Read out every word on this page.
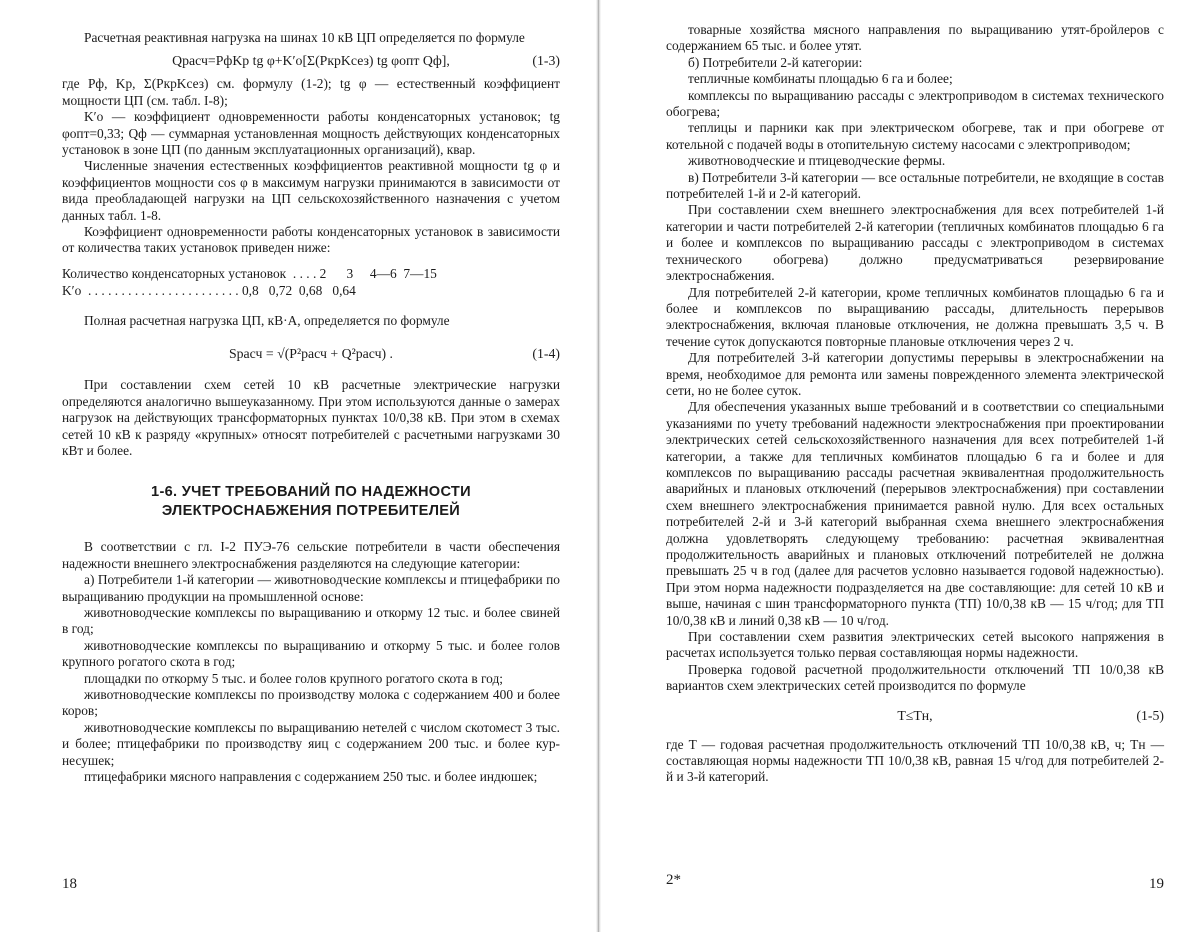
Расчетная реактивная нагрузка на шинах 10 кВ ЦП определяется по формуле

Qрасч=PфKр tg φ+K′о[Σ(PкрKсез) tg φопт Qф],	(1-3)

где Pф, Kр, Σ(PкрKсез) см. формулу (1-2); tg φ — естественный коэффициент мощности ЦП (см. табл. I-8);

K′о — коэффициент одновременности работы конденсаторных установок; tg φопт=0,33; Qф — суммарная установленная мощность действующих конденсаторных установок в зоне ЦП (по данным эксплуатационных организаций), квар.

Численные значения естественных коэффициентов реактивной мощности tg φ и коэффициентов мощности cos φ в максимум нагрузки принимаются в зависимости от вида преобладающей нагрузки на ЦП сельскохозяйственного назначения с учетом данных табл. 1-8.

Коэффициент одновременности работы конденсаторных установок в зависимости от количества таких установок приведен ниже:

Количество конденсаторных установок  . . . . 2      3     4—6  7—15
K′о  . . . . . . . . . . . . . . . . . . . . . . . 0,8   0,72  0,68   0,64

Полная расчетная нагрузка ЦП, кВ·А, определяется по формуле

Sрасч = √(P²расч + Q²расч) .	(1-4)

При составлении схем сетей 10 кВ расчетные электрические нагрузки определяются аналогично вышеуказанному. При этом используются данные о замерах нагрузок на действующих трансформаторных пунктах 10/0,38 кВ. При этом в схемах сетей 10 кВ к разряду «крупных» относят потребителей с расчетными нагрузками 30 кВт и более.

1-6. УЧЕТ ТРЕБОВАНИЙ ПО НАДЕЖНОСТИ
ЭЛЕКТРОСНАБЖЕНИЯ ПОТРЕБИТЕЛЕЙ

В соответствии с гл. I-2 ПУЭ-76 сельские потребители в части обеспечения надежности внешнего электроснабжения разделяются на следующие категории:

а) Потребители 1-й категории — животноводческие комплексы и птицефабрики по выращиванию продукции на промышленной основе:

животноводческие комплексы по выращиванию и откорму 12 тыс. и более свиней в год;

животноводческие комплексы по выращиванию и откорму 5 тыс. и более голов крупного рогатого скота в год;

площадки по откорму 5 тыс. и более голов крупного рогатого скота в год;

животноводческие комплексы по производству молока с содержанием 400 и более коров;

животноводческие комплексы по выращиванию нетелей с числом скотомест 3 тыс. и более; птицефабрики по производству яиц с содержанием 200 тыс. и более кур-несушек;

птицефабрики мясного направления с содержанием 250 тыс. и более индюшек;

18

товарные хозяйства мясного направления по выращиванию утят-бройлеров с содержанием 65 тыс. и более утят.

б) Потребители 2-й категории:

тепличные комбинаты площадью 6 га и более;

комплексы по выращиванию рассады с электроприводом в системах технического обогрева;

теплицы и парники как при электрическом обогреве, так и при обогреве от котельной с подачей воды в отопительную систему насосами с электроприводом;

животноводческие и птицеводческие фермы.

в) Потребители 3-й категории — все остальные потребители, не входящие в состав потребителей 1-й и 2-й категорий.

При составлении схем внешнего электроснабжения для всех потребителей 1-й категории и части потребителей 2-й категории (тепличных комбинатов площадью 6 га и более и комплексов по выращиванию рассады с электроприводом в системах технического обогрева) должно предусматриваться резервирование электроснабжения.

Для потребителей 2-й категории, кроме тепличных комбинатов площадью 6 га и более и комплексов по выращиванию рассады, длительность перерывов электроснабжения, включая плановые отключения, не должна превышать 3,5 ч. В течение суток допускаются повторные плановые отключения через 2 ч.

Для потребителей 3-й категории допустимы перерывы в электроснабжении на время, необходимое для ремонта или замены поврежденного элемента электрической сети, но не более суток.

Для обеспечения указанных выше требований и в соответствии со специальными указаниями по учету требований надежности электроснабжения при проектировании электрических сетей сельскохозяйственного назначения для всех потребителей 1-й категории, а также для тепличных комбинатов площадью 6 га и более и для комплексов по выращиванию рассады расчетная эквивалентная продолжительность аварийных и плановых отключений (перерывов электроснабжения) при составлении схем внешнего электроснабжения принимается равной нулю. Для всех остальных потребителей 2-й и 3-й категорий выбранная схема внешнего электроснабжения должна удовлетворять следующему требованию: расчетная эквивалентная продолжительность аварийных и плановых отключений потребителей не должна превышать 25 ч в год (далее для расчетов условно называется годовой надежностью). При этом норма надежности подразделяется на две составляющие: для сетей 10 кВ и выше, начиная с шин трансформаторного пункта (ТП) 10/0,38 кВ — 15 ч/год; для ТП 10/0,38 кВ и линий 0,38 кВ — 10 ч/год.

При составлении схем развития электрических сетей высокого напряжения в расчетах используется только первая составляющая нормы надежности.

Проверка годовой расчетной продолжительности отключений ТП 10/0,38 кВ вариантов схем электрических сетей производится по формуле

T≤Tн,	(1-5)

где T — годовая расчетная продолжительность отключений ТП 10/0,38 кВ, ч; Tн — составляющая нормы надежности ТП 10/0,38 кВ, равная 15 ч/год для потребителей 2-й и 3-й категорий.

2*	19
